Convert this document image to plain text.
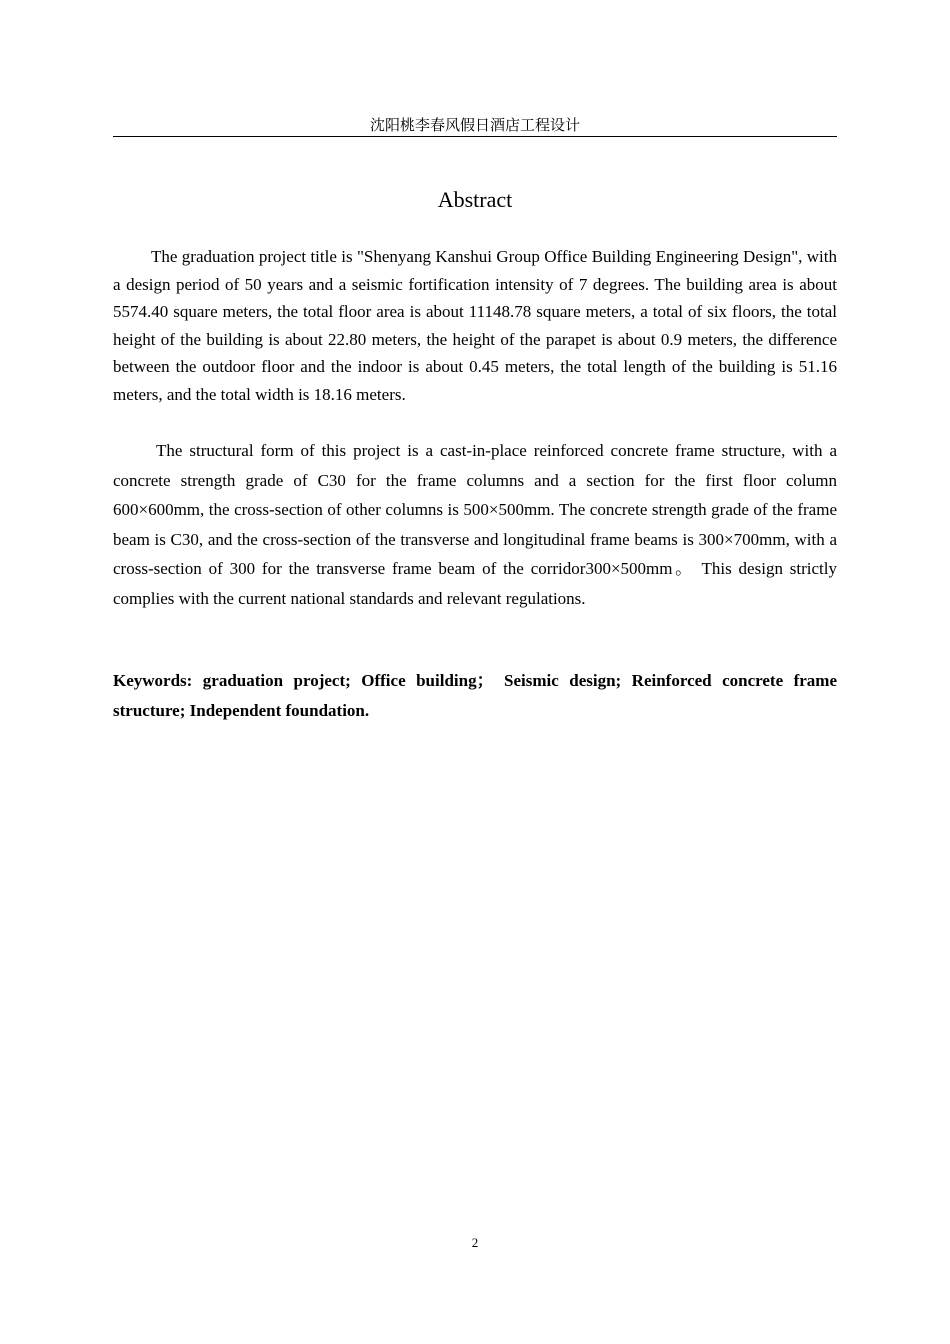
沈阳桃李春风假日酒店工程设计
Abstract

The graduation project title is "Shenyang Kanshui Group Office Building Engineering Design", with a design period of 50 years and a seismic fortification intensity of 7 degrees. The building area is about 5574.40 square meters, the total floor area is about 11148.78 square meters, a total of six floors, the total height of the building is about 22.80 meters, the height of the parapet is about 0.9 meters, the difference between the outdoor floor and the indoor is about 0.45 meters, the total length of the building is 51.16 meters, and the total width is 18.16 meters.

The structural form of this project is a cast-in-place reinforced concrete frame structure, with a concrete strength grade of C30 for the frame columns and a section for the first floor column 600×600mm, the cross-section of other columns is 500×500mm. The concrete strength grade of the frame beam is C30, and the cross-section of the transverse and longitudinal frame beams is 300×700mm, with a cross-section of 300 for the transverse frame beam of the corridor300×500mm。 This design strictly complies with the current national standards and relevant regulations.

Keywords: graduation project; Office building； Seismic design; Reinforced concrete frame structure; Independent foundation.

2
